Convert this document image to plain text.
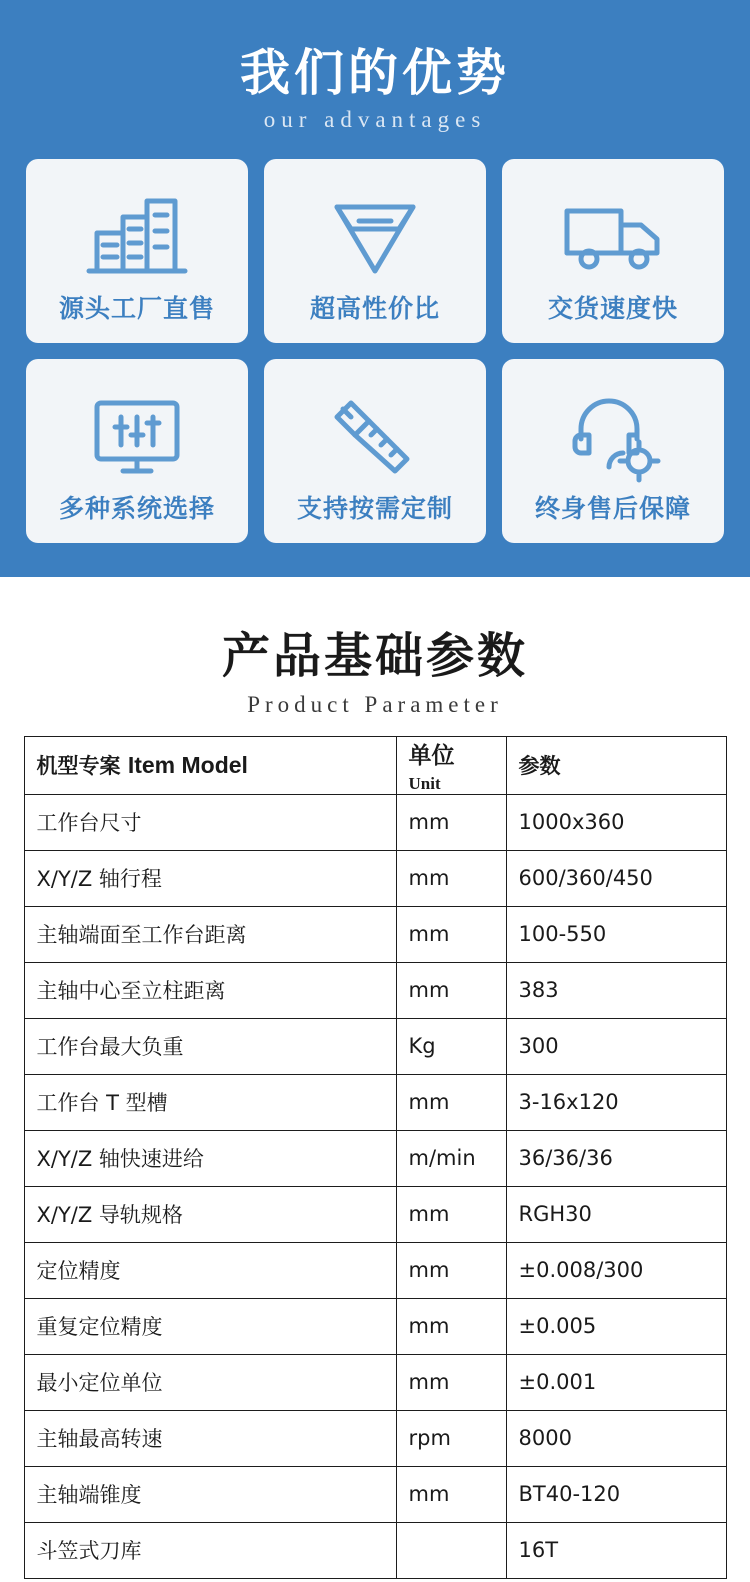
我们的优势
our advantages
源头工厂直售	超高性价比	交货速度快
多种系统选择	支持按需定制	终身售后保障
产品基础参数
Product Parameter
机型专案 Item Model	单位 Unit	参数
工作台尺寸	mm	1000x360
X/Y/Z 轴行程	mm	600/360/450
主轴端面至工作台距离	mm	100-550
主轴中心至立柱距离	mm	383
工作台最大负重	Kg	300
工作台 T 型槽	mm	3-16x120
X/Y/Z 轴快速进给	m/min	36/36/36
X/Y/Z 导轨规格	mm	RGH30
定位精度	mm	±0.008/300
重复定位精度	mm	±0.005
最小定位单位	mm	±0.001
主轴最高转速	rpm	8000
主轴端锥度	mm	BT40-120
斗笠式刀库		16T
